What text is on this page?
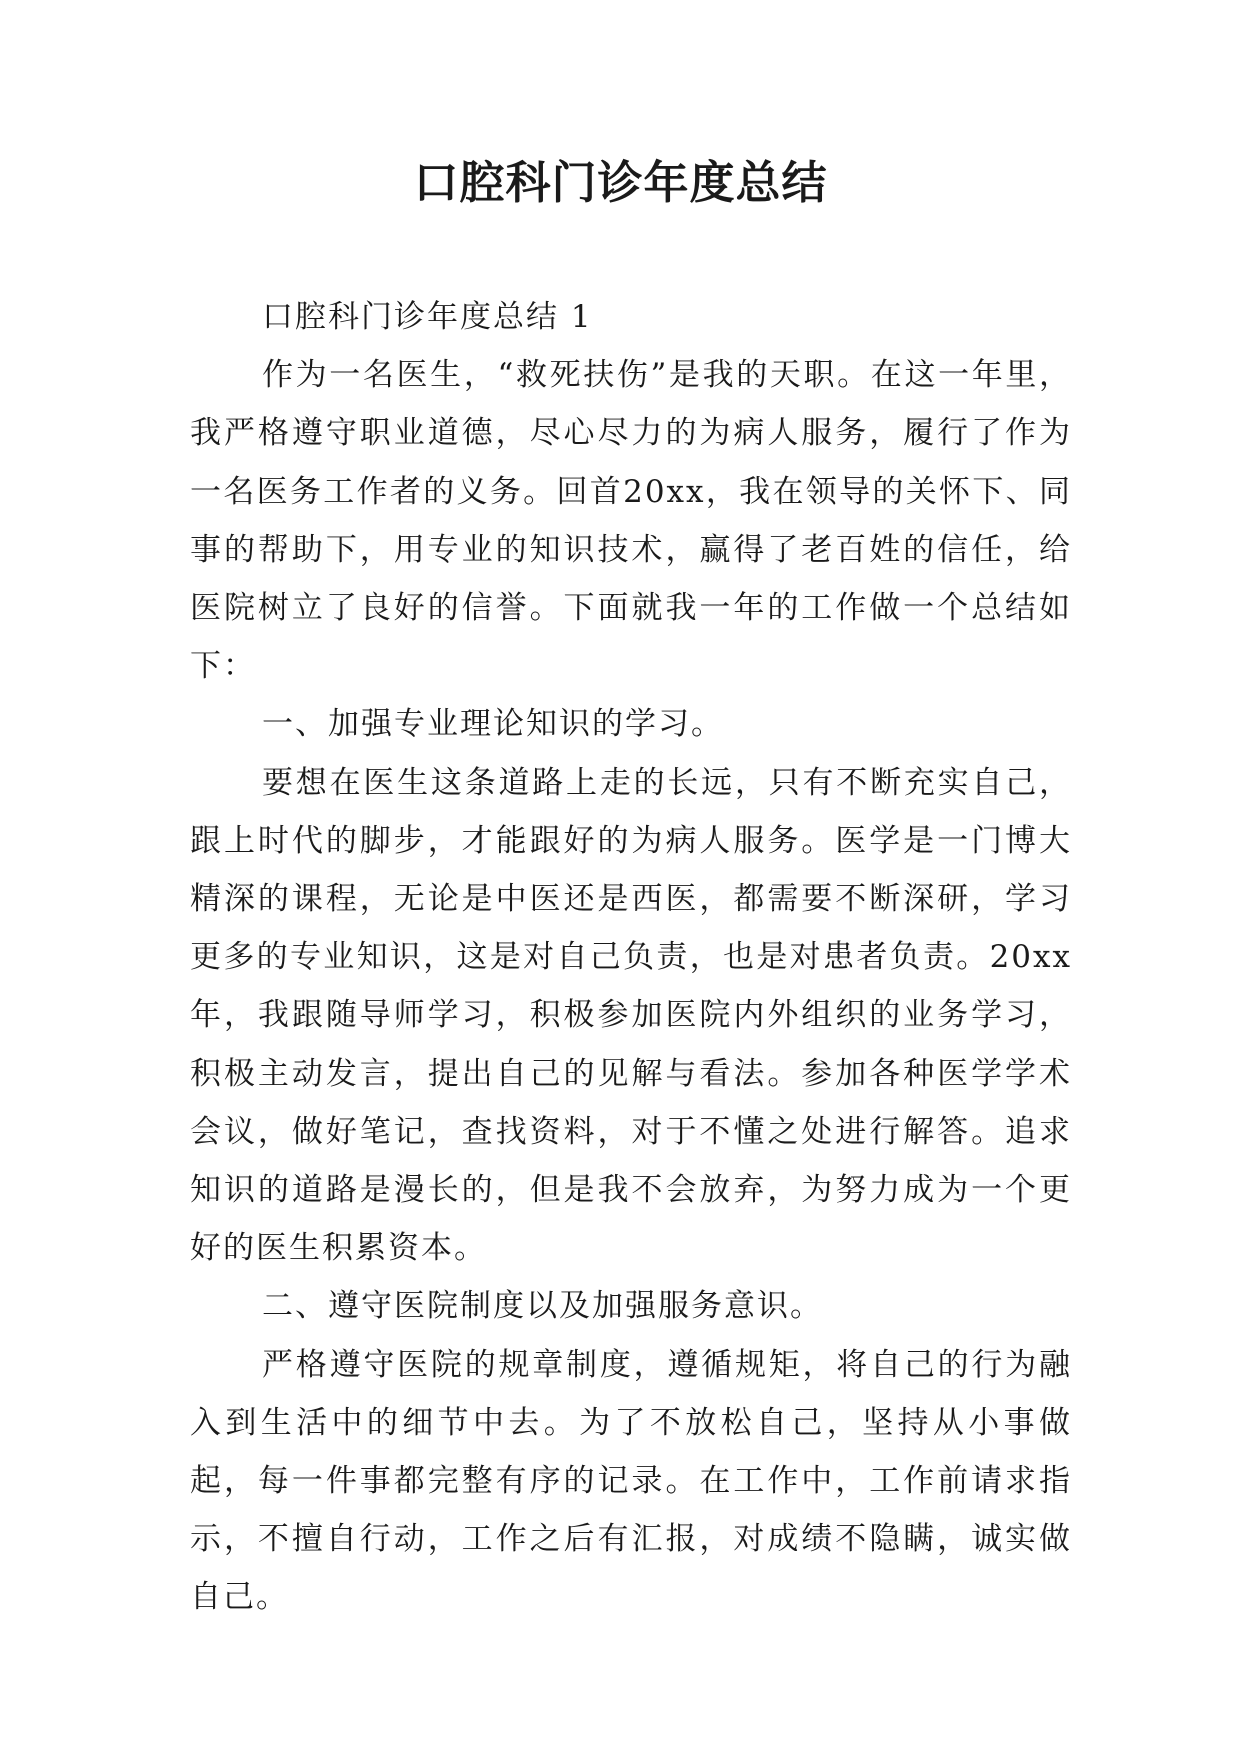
口腔科门诊年度总结

口腔科门诊年度总结 1

作为一名医生，“救死扶伤”是我的天职。在这一年里，我严格遵守职业道德，尽心尽力的为病人服务，履行了作为一名医务工作者的义务。回首20xx，我在领导的关怀下、同事的帮助下，用专业的知识技术，赢得了老百姓的信任，给医院树立了良好的信誉。下面就我一年的工作做一个总结如下：

一、加强专业理论知识的学习。

要想在医生这条道路上走的长远，只有不断充实自己，跟上时代的脚步，才能跟好的为病人服务。医学是一门博大精深的课程，无论是中医还是西医，都需要不断深研，学习更多的专业知识，这是对自己负责，也是对患者负责。20xx年，我跟随导师学习，积极参加医院内外组织的业务学习，积极主动发言，提出自己的见解与看法。参加各种医学学术会议，做好笔记，查找资料，对于不懂之处进行解答。追求知识的道路是漫长的，但是我不会放弃，为努力成为一个更好的医生积累资本。

二、遵守医院制度以及加强服务意识。

严格遵守医院的规章制度，遵循规矩，将自己的行为融入到生活中的细节中去。为了不放松自己，坚持从小事做起，每一件事都完整有序的记录。在工作中，工作前请求指示，不擅自行动，工作之后有汇报，对成绩不隐瞒，诚实做自己。
